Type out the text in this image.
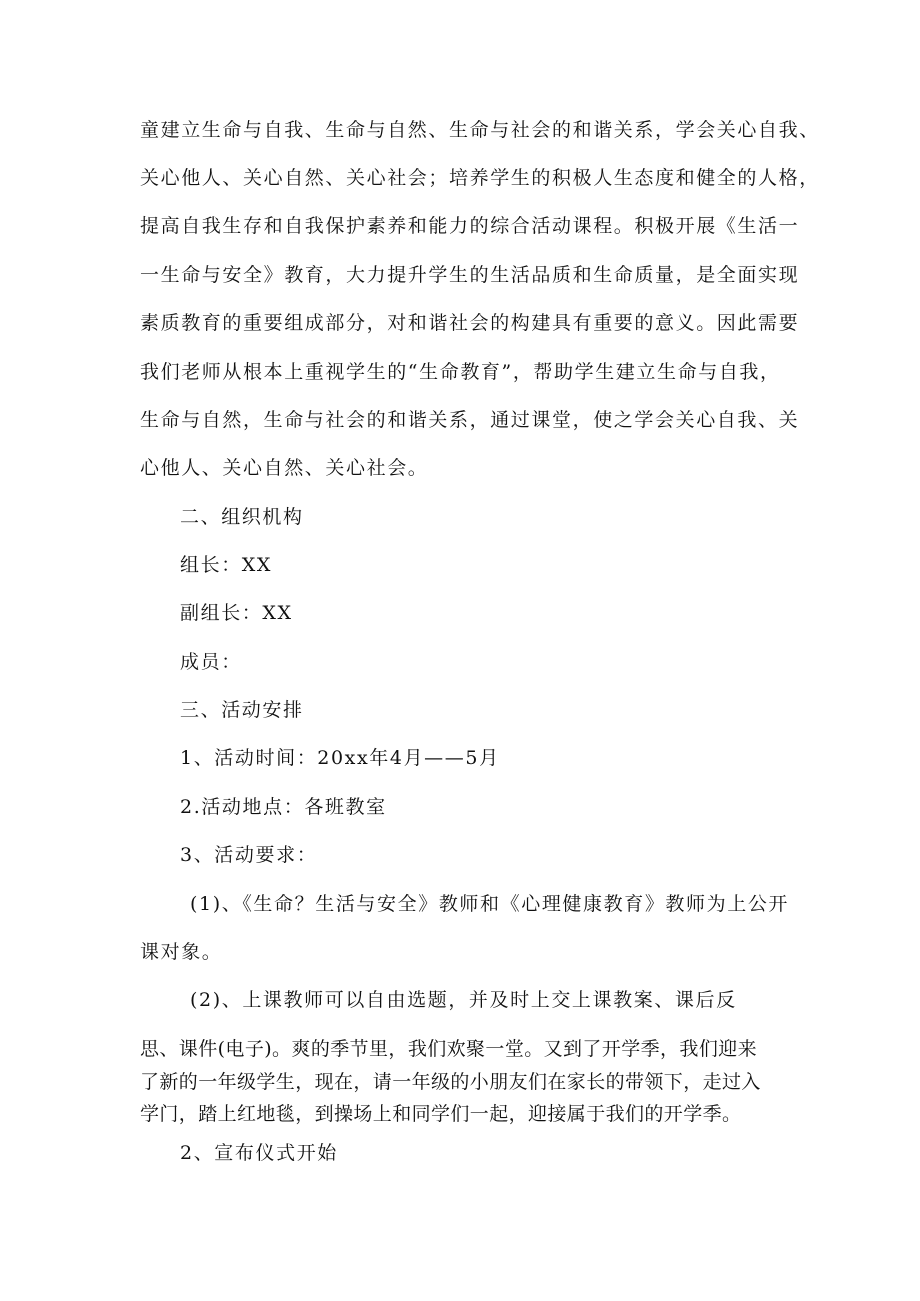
童建立生命与自我、生命与自然、生命与社会的和谐关系，学会关心自我、
关心他人、关心自然、关心社会；培养学生的积极人生态度和健全的人格，
提高自我生存和自我保护素养和能力的综合活动课程。积极开展《生活一
一生命与安全》教育，大力提升学生的生活品质和生命质量，是全面实现
素质教育的重要组成部分，对和谐社会的构建具有重要的意义。因此需要
我们老师从根本上重视学生的“生命教育”，帮助学生建立生命与自我，
生命与自然，生命与社会的和谐关系，通过课堂，使之学会关心自我、关
心他人、关心自然、关心社会。
二、组织机构
组长：XX
副组长：XX
成员：
三、活动安排
1、活动时间：20xx年4月——5月
2.活动地点：各班教室
3、活动要求：
(1)、《生命？生活与安全》教师和《心理健康教育》教师为上公开
课对象。
(2)、上课教师可以自由选题，并及时上交上课教案、课后反
思、课件(电子)。爽的季节里，我们欢聚一堂。又到了开学季，我们迎来
了新的一年级学生，现在，请一年级的小朋友们在家长的带领下，走过入
学门，踏上红地毯，到操场上和同学们一起，迎接属于我们的开学季。
2、宣布仪式开始
